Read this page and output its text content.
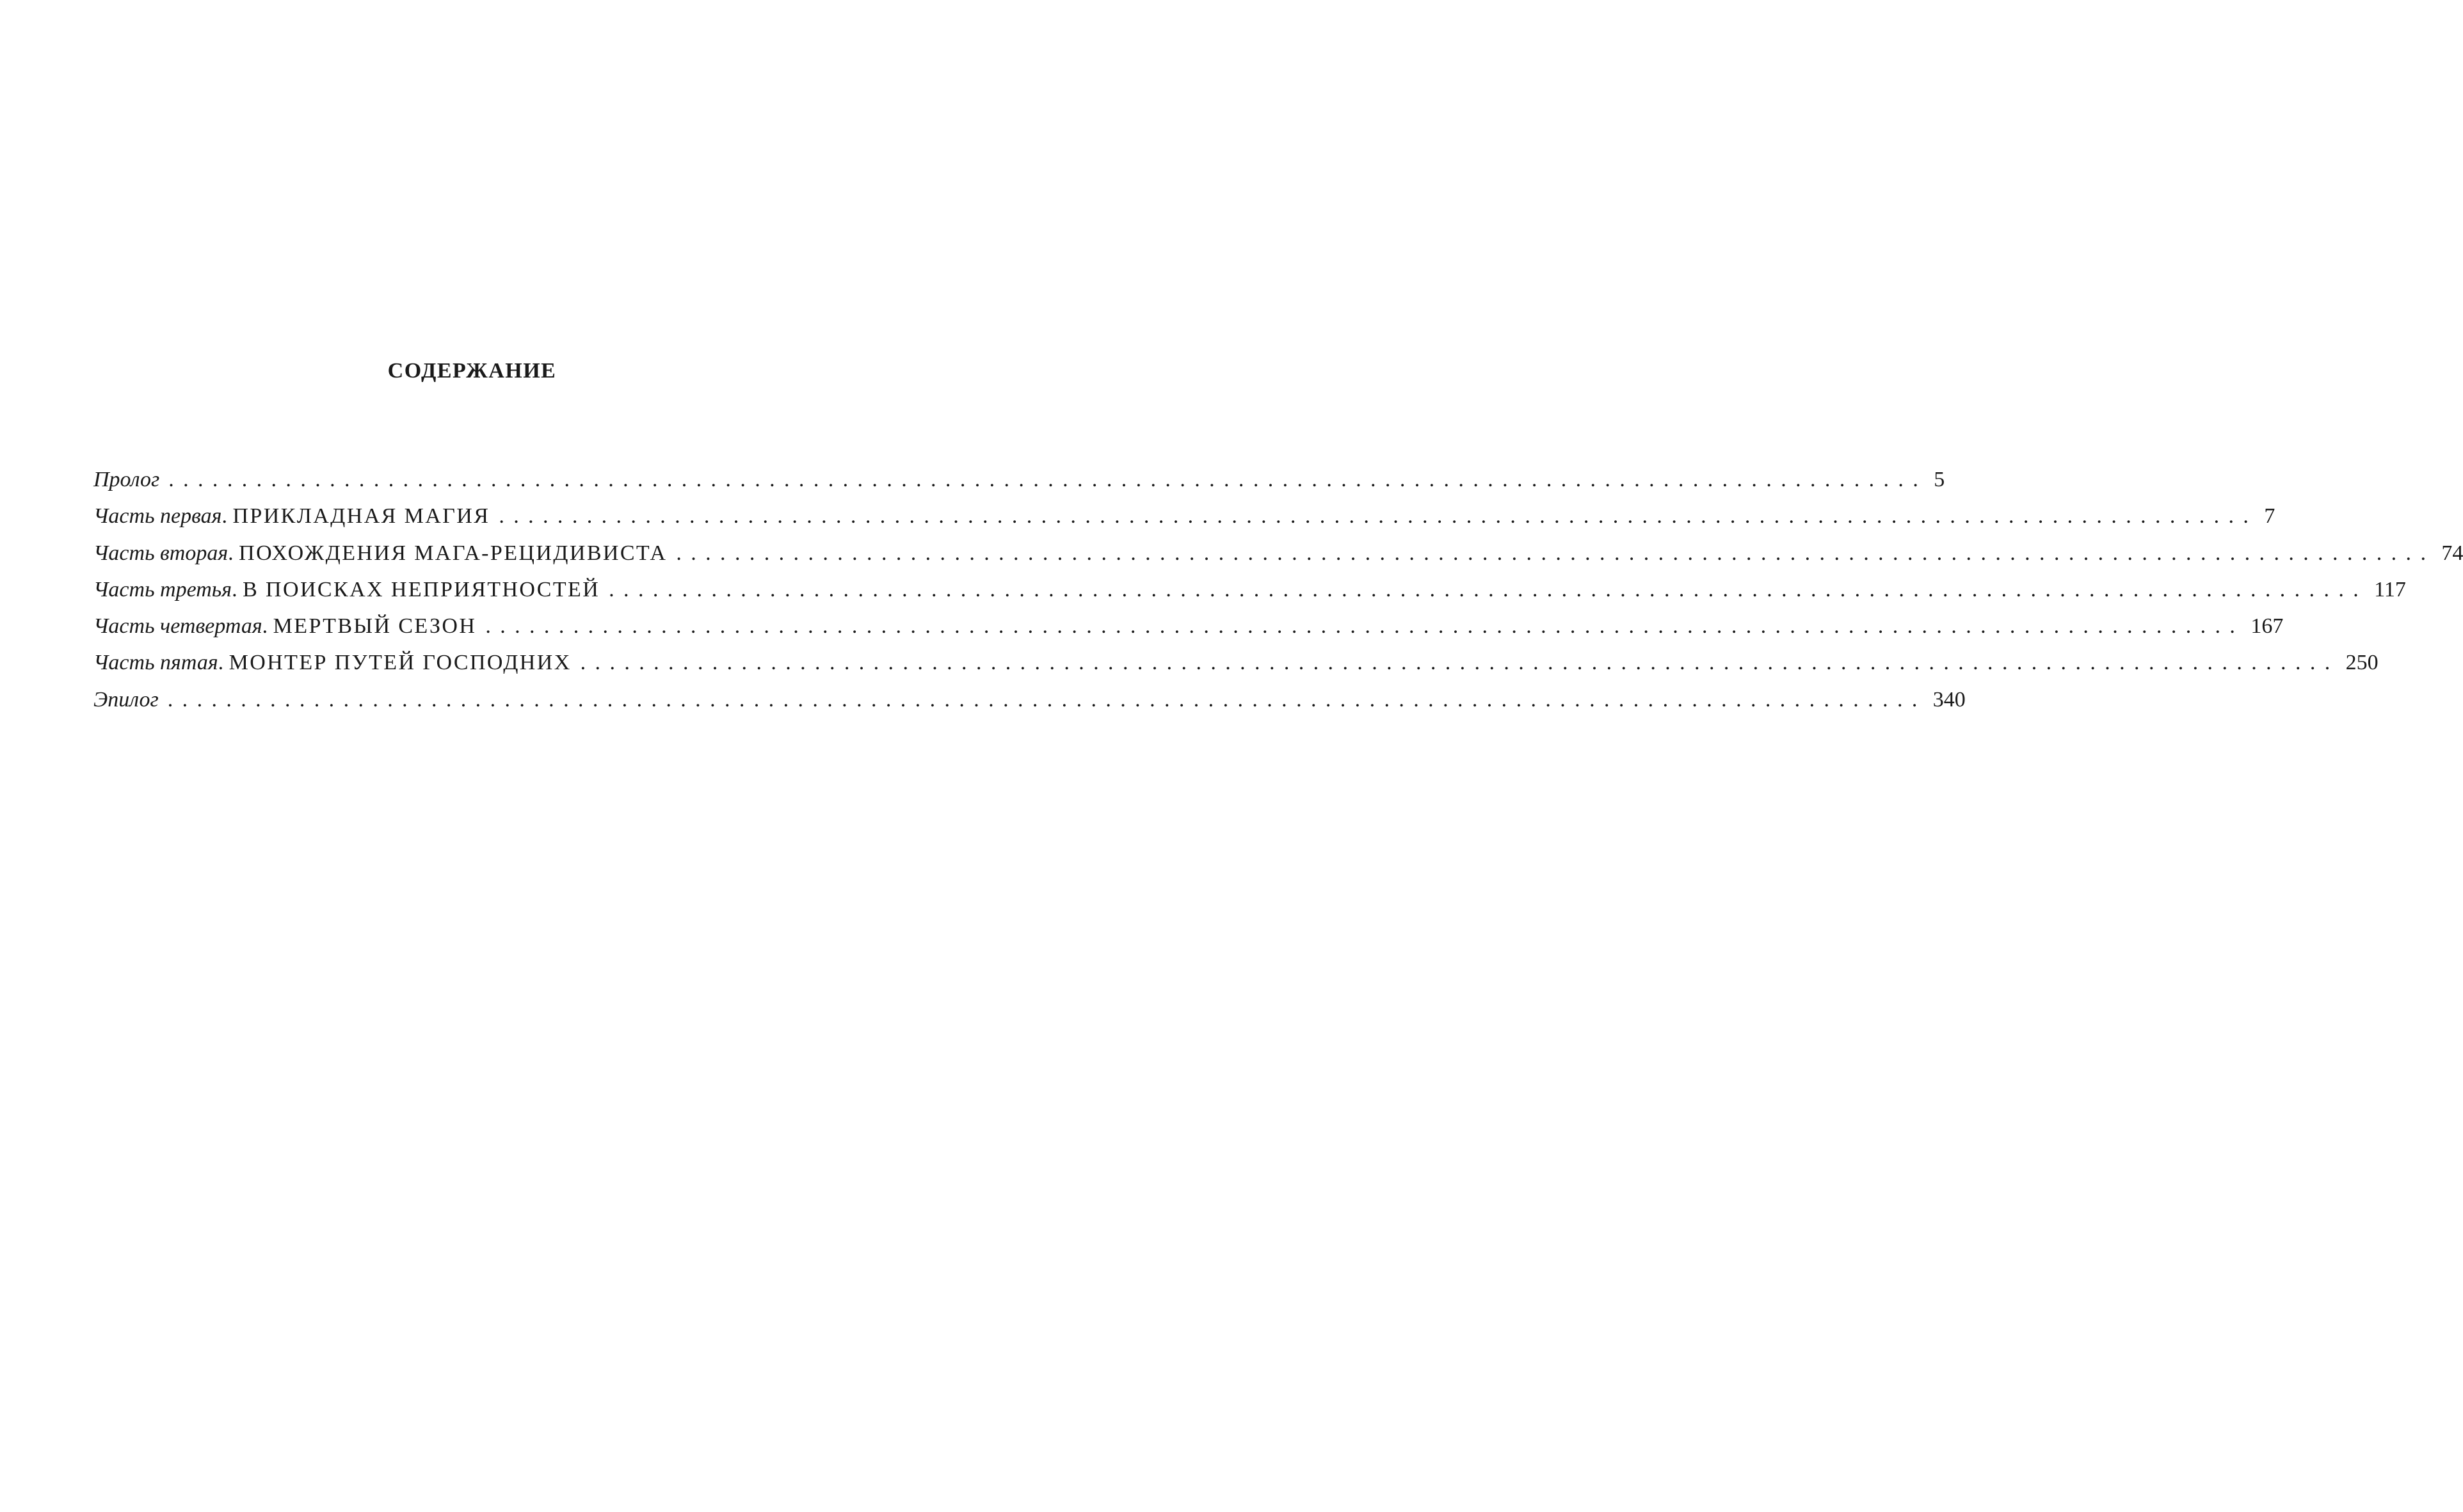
СОДЕРЖАНИЕ
Пролог ........................................................................................................................ 5
Часть первая . ПРИКЛАДНАЯ МАГИЯ ........................................................................................................................ 7
Часть вторая . ПОХОЖДЕНИЯ МАГА-РЕЦИДИВИСТА ........................................................................................................................ 74
Часть третья . В ПОИСКАХ НЕПРИЯТНОСТЕЙ ........................................................................................................................ 117
Часть четвертая . МЕРТВЫЙ СЕЗОН ........................................................................................................................ 167
Часть пятая . МОНТЕР ПУТЕЙ ГОСПОДНИХ ........................................................................................................................ 250
Эпилог ........................................................................................................................ 340
